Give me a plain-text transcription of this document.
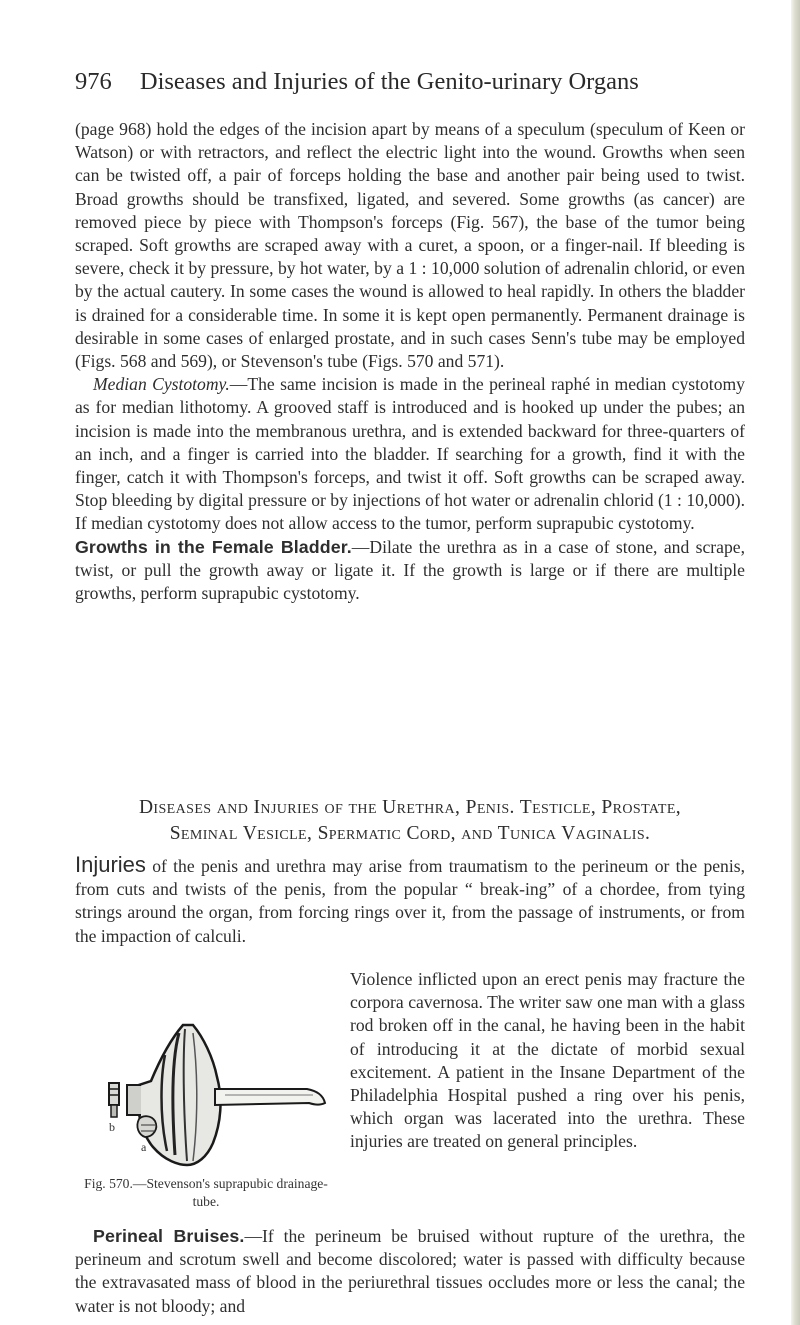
976 Diseases and Injuries of the Genito-urinary Organs
(page 968) hold the edges of the incision apart by means of a speculum (speculum of Keen or Watson) or with retractors, and reflect the electric light into the wound. Growths when seen can be twisted off, a pair of forceps holding the base and another pair being used to twist. Broad growths should be transfixed, ligated, and severed. Some growths (as cancer) are removed piece by piece with Thompson's forceps (Fig. 567), the base of the tumor being scraped. Soft growths are scraped away with a curet, a spoon, or a finger-nail. If bleeding is severe, check it by pressure, by hot water, by a 1 : 10,000 solution of adrenalin chlorid, or even by the actual cautery. In some cases the wound is allowed to heal rapidly. In others the bladder is drained for a considerable time. In some it is kept open permanently. Permanent drainage is desirable in some cases of enlarged prostate, and in such cases Senn's tube may be employed (Figs. 568 and 569), or Stevenson's tube (Figs. 570 and 571).
Median Cystotomy.—The same incision is made in the perineal raphé in median cystotomy as for median lithotomy. A grooved staff is introduced and is hooked up under the pubes; an incision is made into the membranous urethra, and is extended backward for three-quarters of an inch, and a finger is carried into the bladder. If searching for a growth, find it with the finger, catch it with Thompson's forceps, and twist it off. Soft growths can be scraped away. Stop bleeding by digital pressure or by injections of hot water or adrenalin chlorid (1 : 10,000). If median cystotomy does not allow access to the tumor, perform suprapubic cystotomy.
Growths in the Female Bladder.—Dilate the urethra as in a case of stone, and scrape, twist, or pull the growth away or ligate it. If the growth is large or if there are multiple growths, perform suprapubic cystotomy.
Diseases and Injuries of the Urethra, Penis. Testicle, Prostate,
Seminal Vesicle, Spermatic Cord, and Tunica Vaginalis.
Injuries of the penis and urethra may arise from traumatism to the perineum or the penis, from cuts and twists of the penis, from the popular “ break-ing” of a chordee, from tying strings around the organ, from forcing rings over it, from the passage of instruments, or from the impaction of calculi.
Violence inflicted upon an erect penis may fracture the corpora cavernosa. The writer saw one man with a glass rod broken off in the canal, he having been in the habit of introducing it at the dictate of morbid sexual excitement. A patient in the Insane Department of the Philadelphia Hospital pushed a ring over his penis, which organ was lacerated into the urethra. These injuries are treated on general principles.
b
a
Fig. 570.—Stevenson's suprapubic drainage-tube.
Perineal Bruises.—If the perineum be bruised without rupture of the urethra, the perineum and scrotum swell and become discolored; water is passed with difficulty because the extravasated mass of blood in the periurethral tissues occludes more or less the canal; the water is not bloody; and
